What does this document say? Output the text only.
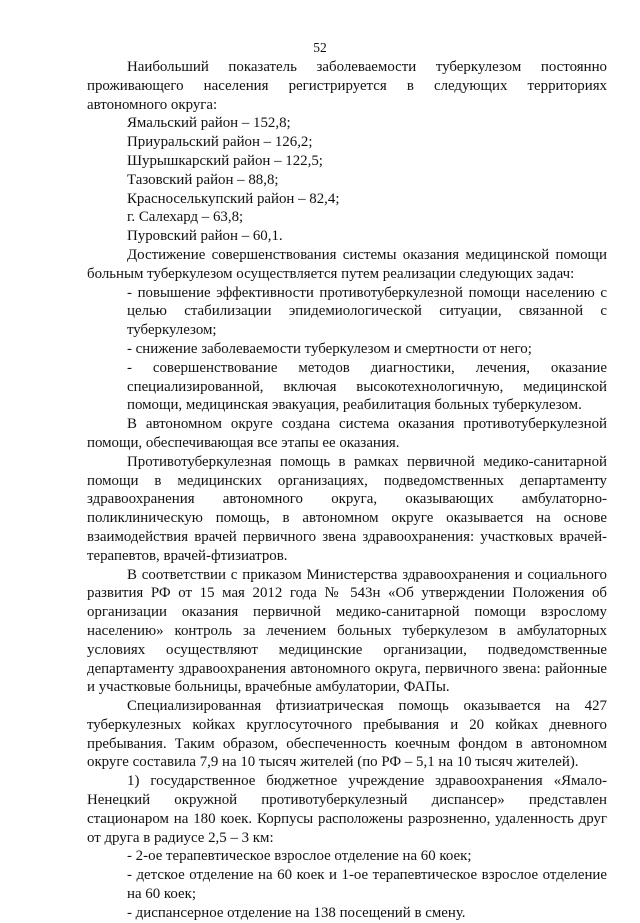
52

Наибольший показатель заболеваемости туберкулезом постоянно проживающего населения регистрируется в следующих территориях автономного округа:

Ямальский район – 152,8;

Приуральский район – 126,2;

Шурышкарский район – 122,5;

Тазовский район – 88,8;

Красноселькупский район – 82,4;

г. Салехард – 63,8;

Пуровский район – 60,1.

Достижение совершенствования системы оказания медицинской помощи больным туберкулезом осуществляется путем реализации следующих задач:

- повышение эффективности противотуберкулезной помощи населению с целью стабилизации эпидемиологической ситуации, связанной с туберкулезом;

- снижение заболеваемости туберкулезом и смертности от него;

- совершенствование методов диагностики, лечения, оказание специализированной, включая высокотехнологичную, медицинской помощи, медицинская эвакуация, реабилитация больных туберкулезом.

В автономном округе создана система оказания противотуберкулезной помощи, обеспечивающая все этапы ее оказания.

Противотуберкулезная помощь в рамках первичной медико-санитарной помощи в медицинских организациях, подведомственных департаменту здравоохранения автономного округа, оказывающих амбулаторно-поликлиническую помощь, в автономном округе оказывается на основе взаимодействия врачей первичного звена здравоохранения: участковых врачей-терапевтов, врачей-фтизиатров.

В соответствии с приказом Министерства здравоохранения и социального развития РФ от 15 мая 2012 года № 543н «Об утверждении Положения об организации оказания первичной медико-санитарной помощи взрослому населению» контроль за лечением больных туберкулезом в амбулаторных условиях осуществляют медицинские организации, подведомственные департаменту здравоохранения автономного округа, первичного звена: районные и участковые больницы, врачебные амбулатории, ФАПы.

Специализированная фтизиатрическая помощь оказывается на 427 туберкулезных койках круглосуточного пребывания и 20 койках дневного пребывания. Таким образом, обеспеченность коечным фондом в автономном округе составила 7,9 на 10 тысяч жителей (по РФ – 5,1 на 10 тысяч жителей).

1) государственное бюджетное учреждение здравоохранения «Ямало-Ненецкий окружной противотуберкулезный диспансер» представлен стационаром на 180 коек. Корпусы расположены разрозненно, удаленность друг от друга в радиусе 2,5 – 3 км:

- 2-ое терапевтическое взрослое отделение на 60 коек;

- детское отделение на 60 коек и 1-ое терапевтическое взрослое отделение на 60 коек;

- диспансерное отделение на 138 посещений в смену.
